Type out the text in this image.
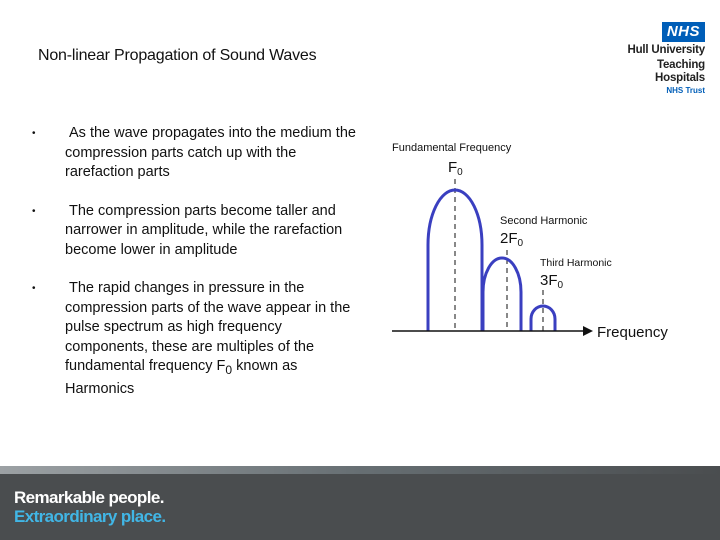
Non-linear Propagation of Sound Waves
NHS
Hull University
Teaching Hospitals
NHS Trust
•	As the wave propagates into the medium the compression parts catch up with the rarefaction parts
•	The compression parts become taller and narrower in amplitude, while the rarefaction become lower in amplitude
•	The rapid changes in pressure in the compression parts of the wave appear in the pulse spectrum as high frequency components, these are multiples of the fundamental frequency $F_0$ known as Harmonics
Fundamental Frequency
$F_0$
Second Harmonic
$2F_0$
Third Harmonic
$3F_0$
Frequency
Remarkable people.
Extraordinary place.
